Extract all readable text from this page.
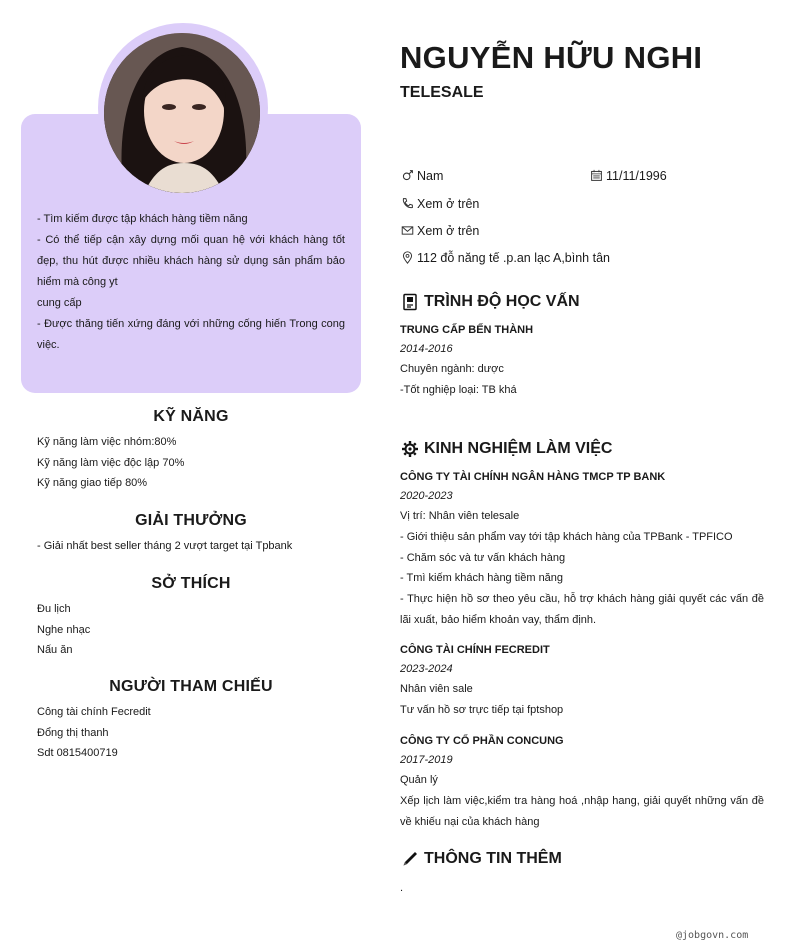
- Tìm kiếm được tập khách hàng tiềm năng
- Có thể tiếp cận xây dựng mối quan hệ với khách hàng tốt đẹp, thu hút được nhiều khách hàng sử dụng sản phẩm bảo hiểm mà công yt
cung cấp
- Được thăng tiến xứng đáng với những cống hiến Trong cong việc.
KỸ NĂNG
Kỹ năng làm việc nhóm:80%
Kỹ năng làm việc độc lập 70%
Kỹ năng giao tiếp 80%
GIẢI THƯỞNG
- Giải nhất best seller tháng 2 vượt target tại Tpbank
SỞ THÍCH
Đu lịch
Nghe nhạc
Nấu ăn
NGƯỜI THAM CHIẾU
Công tài chính Fecredit
Đổng thị thanh
Sdt 0815400719
NGUYỄN HỮU NGHI
TELESALE
Nam	11/11/1996
Xem ở trên
Xem ở trên
112 đỗ năng tế .p.an lạc A,bình tân
TRÌNH ĐỘ HỌC VẤN
TRUNG CẤP BẾN THÀNH
2014-2016
Chuyên ngành: dược
-Tốt nghiệp loại: TB khá
KINH NGHIỆM LÀM VIỆC
CÔNG TY TÀI CHÍNH NGÂN HÀNG TMCP TP BANK
2020-2023
Vị trí: Nhân viên telesale
- Giới thiệu sản phẩm vay tới tập khách hàng của TPBank - TPFICO
- Chăm sóc và tư vấn khách hàng
- Tmì kiếm khách hàng tiềm năng
- Thực hiện hồ sơ theo yêu cầu, hỗ trợ khách hàng giải quyết các vấn đề lãi xuất, bảo hiểm khoản vay, thẩm định.
CÔNG TÀI CHÍNH FECREDIT
2023-2024
Nhân viên sale
Tư vấn hồ sơ trực tiếp tại fptshop
CÔNG TY CỔ PHẦN CONCUNG
2017-2019
Quản lý
Xếp lịch làm việc,kiểm tra hàng hoá ,nhập hang, giải quyết những vấn đề về khiếu nại của khách hàng
THÔNG TIN THÊM
.
@jobgovn.com
